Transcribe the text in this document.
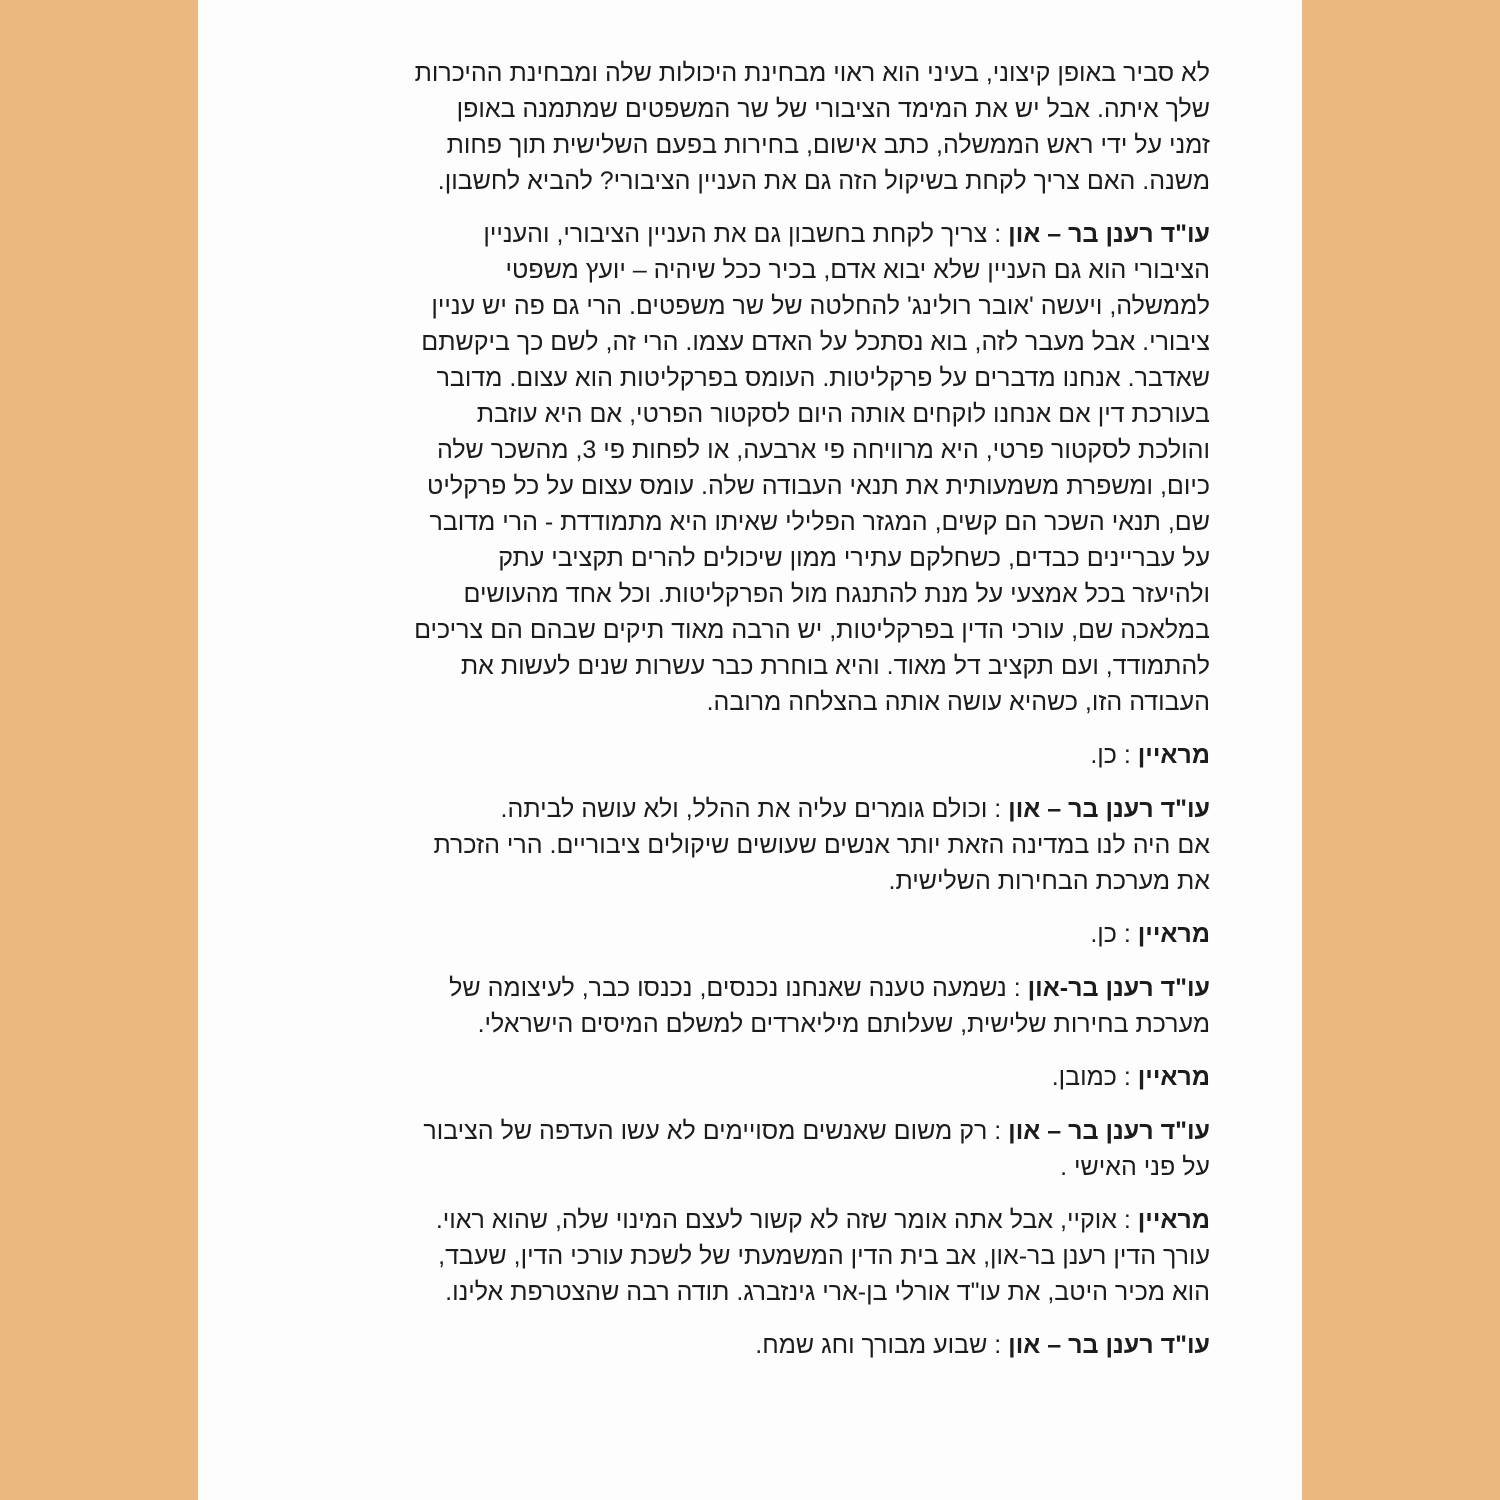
לא סביר באופן קיצוני, בעיני הוא ראוי מבחינת היכולות שלה ומבחינת ההיכרות
שלך איתה. אבל יש את המימד הציבורי של שר המשפטים שמתמנה באופן
זמני על ידי ראש הממשלה, כתב אישום, בחירות בפעם השלישית תוך פחות
משנה. האם צריך לקחת בשיקול הזה גם את העניין הציבורי? להביא לחשבון.
עו"ד רענן בר – און : צריך לקחת בחשבון גם את העניין הציבורי, והעניין
הציבורי הוא גם העניין שלא יבוא אדם, בכיר ככל שיהיה – יועץ משפטי
לממשלה, ויעשה 'אובר רולינג' להחלטה של שר משפטים. הרי גם פה יש עניין
ציבורי. אבל מעבר לזה, בוא נסתכל על האדם עצמו. הרי זה, לשם כך ביקשתם
שאדבר. אנחנו מדברים על פרקליטות. העומס בפרקליטות הוא עצום. מדובר
בעורכת דין אם אנחנו לוקחים אותה היום לסקטור הפרטי, אם היא עוזבת
והולכת לסקטור פרטי, היא מרוויחה פי ארבעה, או לפחות פי 3, מהשכר שלה
כיום, ומשפרת משמעותית את תנאי העבודה שלה. עומס עצום על כל פרקליט
שם, תנאי השכר הם קשים, המגזר הפלילי שאיתו היא מתמודדת - הרי מדובר
על עבריינים כבדים, כשחלקם עתירי ממון שיכולים להרים תקציבי עתק
ולהיעזר בכל אמצעי על מנת להתנגח מול הפרקליטות. וכל אחד מהעושים
במלאכה שם, עורכי הדין בפרקליטות, יש הרבה מאוד תיקים שבהם הם צריכים
להתמודד, ועם תקציב דל מאוד. והיא בוחרת כבר עשרות שנים לעשות את
העבודה הזו, כשהיא עושה אותה בהצלחה מרובה.
מראיין : כן.
עו"ד רענן בר – און : וכולם גומרים עליה את ההלל, ולא עושה לביתה.
אם היה לנו במדינה הזאת יותר אנשים שעושים שיקולים ציבוריים. הרי הזכרת
את מערכת הבחירות השלישית.
מראיין : כן.
עו"ד רענן בר-און : נשמעה טענה שאנחנו נכנסים, נכנסו כבר, לעיצומה של
מערכת בחירות שלישית, שעלותם מיליארדים למשלם המיסים הישראלי.
מראיין : כמובן.
עו"ד רענן בר – און : רק משום שאנשים מסויימים לא עשו העדפה של הציבור
על פני האישי .
מראיין : אוקיי, אבל אתה אומר שזה לא קשור לעצם המינוי שלה, שהוא ראוי.
עורך הדין רענן בר-און, אב בית הדין המשמעתי של לשכת עורכי הדין, שעבד,
הוא מכיר היטב, את עו"ד אורלי בן-ארי גינזברג. תודה רבה שהצטרפת אלינו.
עו"ד רענן בר – און : שבוע מבורך וחג שמח.
